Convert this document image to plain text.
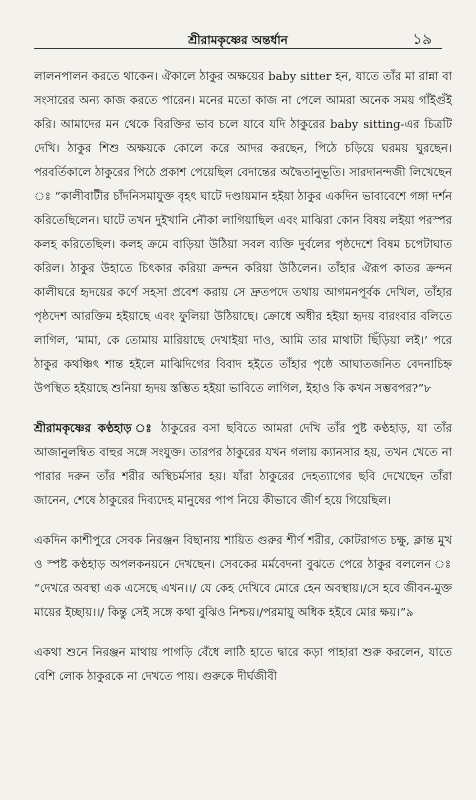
শ্রীরামকৃষ্ণের অন্তর্ধান	১৯

লালনপালন করতে থাকেন। ঐকালে ঠাকুর অক্ষয়ের baby sitter হন, যাতে তাঁর মা রান্না বা সংসারের অন্য কাজ করতে পারেন। মনের মতো কাজ না পেলে আমরা অনেক সময় গাঁইগুঁই করি। আমাদের মন থেকে বিরক্তির ভাব চলে যাবে যদি ঠাকুরের baby sitting-এর চিত্রটি দেখি। ঠাকুর শিশু অক্ষয়কে কোলে করে আদর করছেন, পিঠে চড়িয়ে ঘরময় ঘুরছেন। পরবর্তিকালে ঠাকুরের পিঠে প্রকাশ পেয়েছিল বেদান্তের অদ্বৈতানুভূতি। সারদানন্দজী লিখেছেন ঃ “কালীবাটীর চাঁদনিসমাযুক্ত বৃহৎ ঘাটে দণ্ডায়মান হইয়া ঠাকুর একদিন ভাবাবেশে গঙ্গা দর্শন করিতেছিলেন। ঘাটে তখন দুইখানি নৌকা লাগিয়াছিল এবং মাঝিরা কোন বিষয় লইয়া পরস্পর কলহ করিতেছিল। কলহ ক্রমে বাড়িয়া উঠিয়া সবল ব্যক্তি দুর্বলের পৃষ্ঠদেশে বিষম চপেটাঘাত করিল। ঠাকুর উহাতে চিৎকার করিয়া ক্রন্দন করিয়া উঠিলেন। তাঁহার ঐরূপ কাতর ক্রন্দন কালীঘরে হৃদয়ের কর্ণে সহসা প্রবেশ করায় সে দ্রুতপদে তথায় আগমনপূর্বক দেখিল, তাঁহার পৃষ্ঠদেশ আরক্তিম হইয়াছে এবং ফুলিয়া উঠিয়াছে। ক্রোধে অধীর হইয়া হৃদয় বারংবার বলিতে লাগিল, ‘মামা, কে তোমায় মারিয়াছে দেখাইয়া দাও, আমি তার মাথাটা ছিঁড়িয়া লই।’ পরে ঠাকুর কথঞ্চিৎ শান্ত হইলে মাঝিদিগের বিবাদ হইতে তাঁহার পৃষ্ঠে আঘাতজনিত বেদনাচিহ্ন উপস্থিত হইয়াছে শুনিয়া হৃদয় স্তম্ভিত হইয়া ভাবিতে লাগিল, ইহাও কি কখন সম্ভবপর?”৮

শ্রীরামকৃষ্ণের কণ্ঠহাড় ঃ ঠাকুরের বসা ছবিতে আমরা দেখি তাঁর পুষ্ট কণ্ঠহাড়, যা তাঁর আজানুলম্বিত বাহুর সঙ্গে সংযুক্ত। তারপর ঠাকুরের যখন গলায় ক্যানসার হয়, তখন খেতে না পারার দরুন তাঁর শরীর অস্থিচর্মসার হয়। যাঁরা ঠাকুরের দেহত্যাগের ছবি দেখেছেন তাঁরা জানেন, শেষে ঠাকুরের দিব্যদেহ মানুষের পাপ নিয়ে কীভাবে জীর্ণ হয়ে গিয়েছিল।

একদিন কাশীপুরে সেবক নিরঞ্জন বিছানায় শায়িত গুরুর শীর্ণ শরীর, কোটরাগত চক্ষু, ক্লান্ত মুখ ও স্পষ্ট কণ্ঠহাড় অপলকনয়নে দেখছেন। সেবকের মর্মবেদনা বুঝতে পেরে ঠাকুর বললেন ঃ “দেখরে অবস্থা এক এসেছে এখন।।/ যে কেহ দেখিবে মোরে হেন অবস্থায়।/সে হবে জীবন-মুক্ত মায়ের ইচ্ছায়।।/ কিন্তু সেই সঙ্গে কথা বুঝিও নিশ্চয়।/পরমায়ু অধিক হইবে মোর ক্ষয়।”৯

একথা শুনে নিরঞ্জন মাথায় পাগড়ি বেঁধে লাঠি হাতে দ্বারে কড়া পাহারা শুরু করলেন, যাতে বেশি লোক ঠাকুরকে না দেখতে পায়। গুরুকে দীর্ঘজীবী
